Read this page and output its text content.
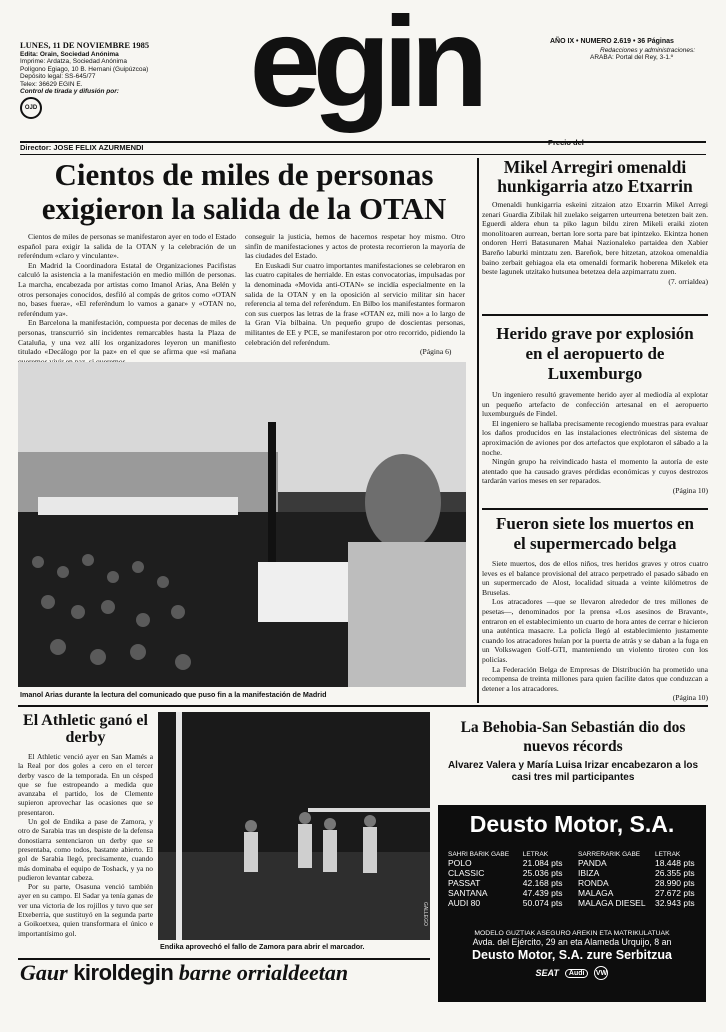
LUNES, 11 DE NOVIEMBRE 1985
Edita: Orain, Sociedad Anónima
Imprime: Ardatza, Sociedad Anónima
Polígono Egiago, 10 B. Hernani (Guipúzcoa)
Depósito legal: SS-645/77
Telex: 36629 EGIN E.
Control de tirada y difusión por:
OJD egin	AÑO IX • NUMERO 2.619 • 36 Páginas
Redacciones y administraciones:
ARABA: Portal del Rey, 3-1.º
Director: JOSE FELIX AZURMENDI
Precio del
Cientos de miles de personas
exigieron la salida de la OTAN

Cientos de miles de personas se manifestaron ayer en todo el Estado español para exigir la salida de la OTAN y la celebración de un referéndum «claro y vinculante».

En Madrid la Coordinadora Estatal de Organizaciones Pacifistas calculó la asistencia a la manifestación en medio millón de personas. La marcha, encabezada por artistas como Imanol Arias, Ana Belén y otros personajes conocidos, desfiló al compás de gritos como «OTAN no, bases fuera», «El referéndum lo vamos a ganar» y «OTAN no, referéndum ya».

En Barcelona la manifestación, compuesta por decenas de miles de personas, transcurrió sin incidentes remarcables hasta la Plaza de Cataluña, y una vez allí los organizadores leyeron un manifiesto titulado «Decálogo por la paz» en el que se afirma que «si mañana

conseguir la justicia, hemos de hacernos respetar hoy mismo. Otro sinfín de manifestaciones y actos de protesta recorrieron la mayoría de las ciudades del Estado.

En Euskadi Sur cuatro importantes manifestaciones se celebraron en las cuatro capitales de herrialde. En estas convocatorias, impulsadas por la denominada «Movida anti-OTAN» se incidía especialmente en la salida de la OTAN y en la oposición al servicio militar sin hacer referencia al tema del referéndum. En Bilbo los manifestantes formaron con sus cuerpos las letras de la frase «OTAN ez, mili no» a lo largo de la Gran Vía bilbaina. Un pequeño grupo de doscientas personas, militantes de EE y PCE, se manifestaron por otro recorrido, pidiendo la celebración del referéndum.

(Página 6)
Imanol Arias durante la lectura del comunicado que puso fin a la manifestación de Madrid
Mikel Arregiri omenaldi hunkigarria atzo Etxarrin

Omenaldi hunkigarria eskeini zitzaion atzo Etxarrin Mikel Arregi zenari Guardia Zibilak hil zuelako seigarren urteurrena betetzen bait zen. Eguerdi aldera ehun ta piko lagun bildu ziren Mikeli eraiki zioten monolitoaren aurrean, bertan lore sorta pare bat ipintzeko. Ekintza honen ondoren Herri Batasunaren Mahai Nazionaleko partaidea den Xabier Bareño laburki mintzatu zen. Bareñok, bere hitzetan, atzokoa omenaldia baino zerbait gehiagoa ela eta omenaldi formarik hoberena Mikelek eta beste lagunek utzitako hutsunea betetzea dela azpimarratu zuen.

(7. orrialdea)
Herido grave por explosión en el aeropuerto de Luxemburgo

Un ingeniero resultó gravemente herido ayer al mediodía al explotar un pequeño artefacto de confección artesanal en el aeropuerto luxemburgués de Findel.

El ingeniero se hallaba precisamente recogiendo muestras para evaluar los daños producidos en las instalaciones electrónicas del sistema de aproximación de aviones por dos artefactos que explotaron el sábado a la noche.

Ningún grupo ha reivindicado hasta el momento la autoría de este atentado que ha causado graves pérdidas económicas y cuyos destrozos tardarán varios meses en ser reparados.

(Página 10)
Fueron siete los muertos en el supermercado belga

Siete muertos, dos de ellos niños, tres heridos graves y otros cuatro leves es el balance provisional del atraco perpetrado el pasado sábado en un supermercado de Alost, localidad situada a veinte kilómetros de Bruselas.

Los atracadores —que se llevaron alrededor de tres millones de pesetas—, denominados por la prensa «Los asesinos de Bravant», entraron en el establecimiento un cuarto de hora antes de cerrar e hicieron una auténtica masacre. La policía llegó al establecimiento justamente cuando los atracadores huían por la puerta de atrás y se daban a la fuga en un Volkswagen Golf-GTI, manteniendo un violento tiroteo con los policías.

La Federación Belga de Empresas de Distribución ha prometido una recompensa de treinta millones para quien facilite datos que conduzcan a detener a los atracadores.

(Página 10)
El Athletic ganó el derby

El Athletic venció ayer en San Mamés a la Real por dos goles a cero en el tercer derby vasco de la temporada. En un césped que se fue estropeando a medida que avanzaba el partido, los de Clemente supieron aprovechar las ocasiones que se presentaron.

Un gol de Endika a pase de Zamora, y otro de Sarabia tras un despiste de la defensa donostiarra sentenciaron un derby que se presentaba, como todos, bastante abierto. El gol de Sarabia llegó, precisamente, cuando más dominaba el equipo de Toshack, y ya no pudieron levantar cabeza.

Por su parte, Osasuna venció también ayer en su campo. El Sadar ya tenía ganas de ver una victoria de los rojillos y tuvo que ser Etxeberria, que sustituyó en la segunda parte a Goikoetxea, quien transformara el único e importantísimo gol.

GALLEGO
Endika aprovechó el fallo de Zamora para abrir el marcador.
La Behobia-San Sebastián dio dos nuevos récords
Alvarez Valera y María Luisa Irizar encabezaron a los casi tres mil participantes
Deusto Motor, S.A.
SAHRI BARIK GABE	LETRAK
POLO	21.084 pts
CLASSIC	25.036 pts
PASSAT	42.168 pts
SANTANA	47.439 pts
AUDI 80	50.074 pts
SARRERARIK GABE	LETRAK
PANDA	18.448 pts
IBIZA	26.355 pts
RONDA	28.990 pts
MALAGA	27.672 pts
MALAGA DIESEL	32.943 pts
MODELO GUZTIAK ASEGURO AREKIN ETA MATRIKULATUAK
Avda. del Ejército, 29 an eta Alameda Urquijo, 8 an
Deusto Motor, S.A. zure Serbitzua
SEAT	Audi	VW
Gaur kiroldegin barne orrialdeetan
